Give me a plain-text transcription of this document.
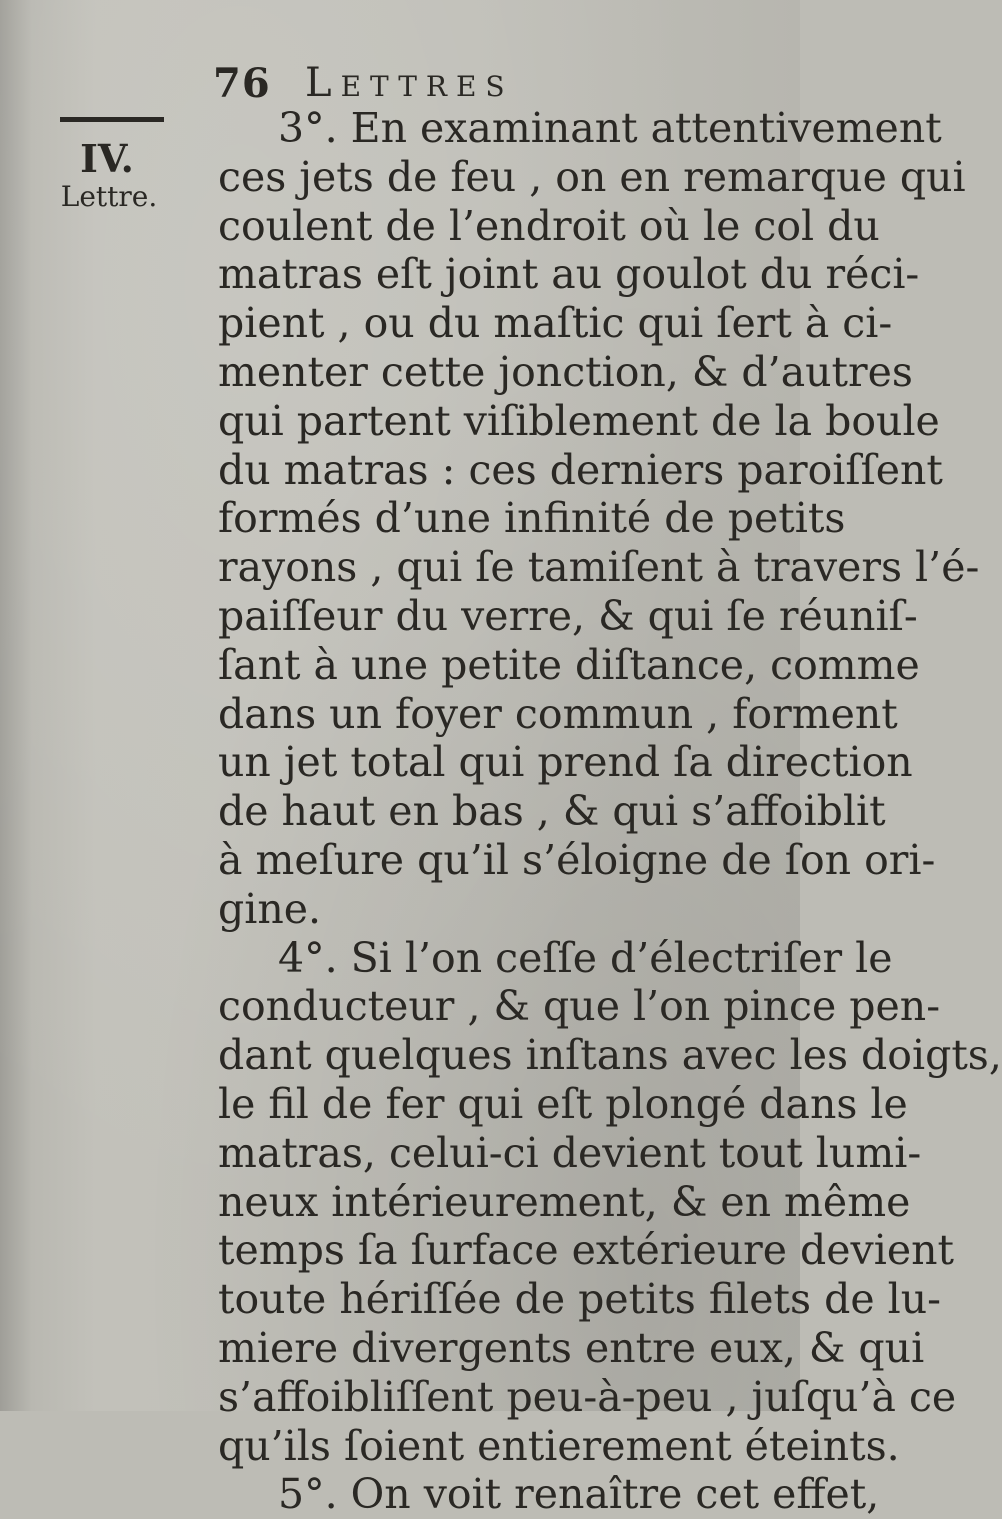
76 Lettres
IV.
Lettre.
3°. En examinant attentivement
ces jets de feu , on en remarque qui
coulent de l’endroit où le col du
matras eſt joint au goulot du réci-
pient , ou du maſtic qui ſert à ci-
menter cette jonction, & d’autres
qui partent viſiblement de la boule
du matras : ces derniers paroiſſent
formés d’une infinité de petits
rayons , qui ſe tamiſent à travers l’é-
paiſſeur du verre, & qui ſe réuniſ-
ſant à une petite diſtance, comme
dans un foyer commun , forment
un jet total qui prend ſa direction
de haut en bas , & qui s’affoiblit
à meſure qu’il s’éloigne de ſon ori-
gine.
4°. Si l’on ceſſe d’électriſer le
conducteur , & que l’on pince pen-
dant quelques inſtans avec les doigts,
le fil de fer qui eſt plongé dans le
matras, celui-ci devient tout lumi-
neux intérieurement, & en même
temps ſa ſurface extérieure devient
toute hériſſée de petits filets de lu-
miere divergents entre eux, & qui
s’affoibliſſent peu-à-peu , juſqu’à ce
qu’ils ſoient entierement éteints.
5°. On voit renaître cet effet,
